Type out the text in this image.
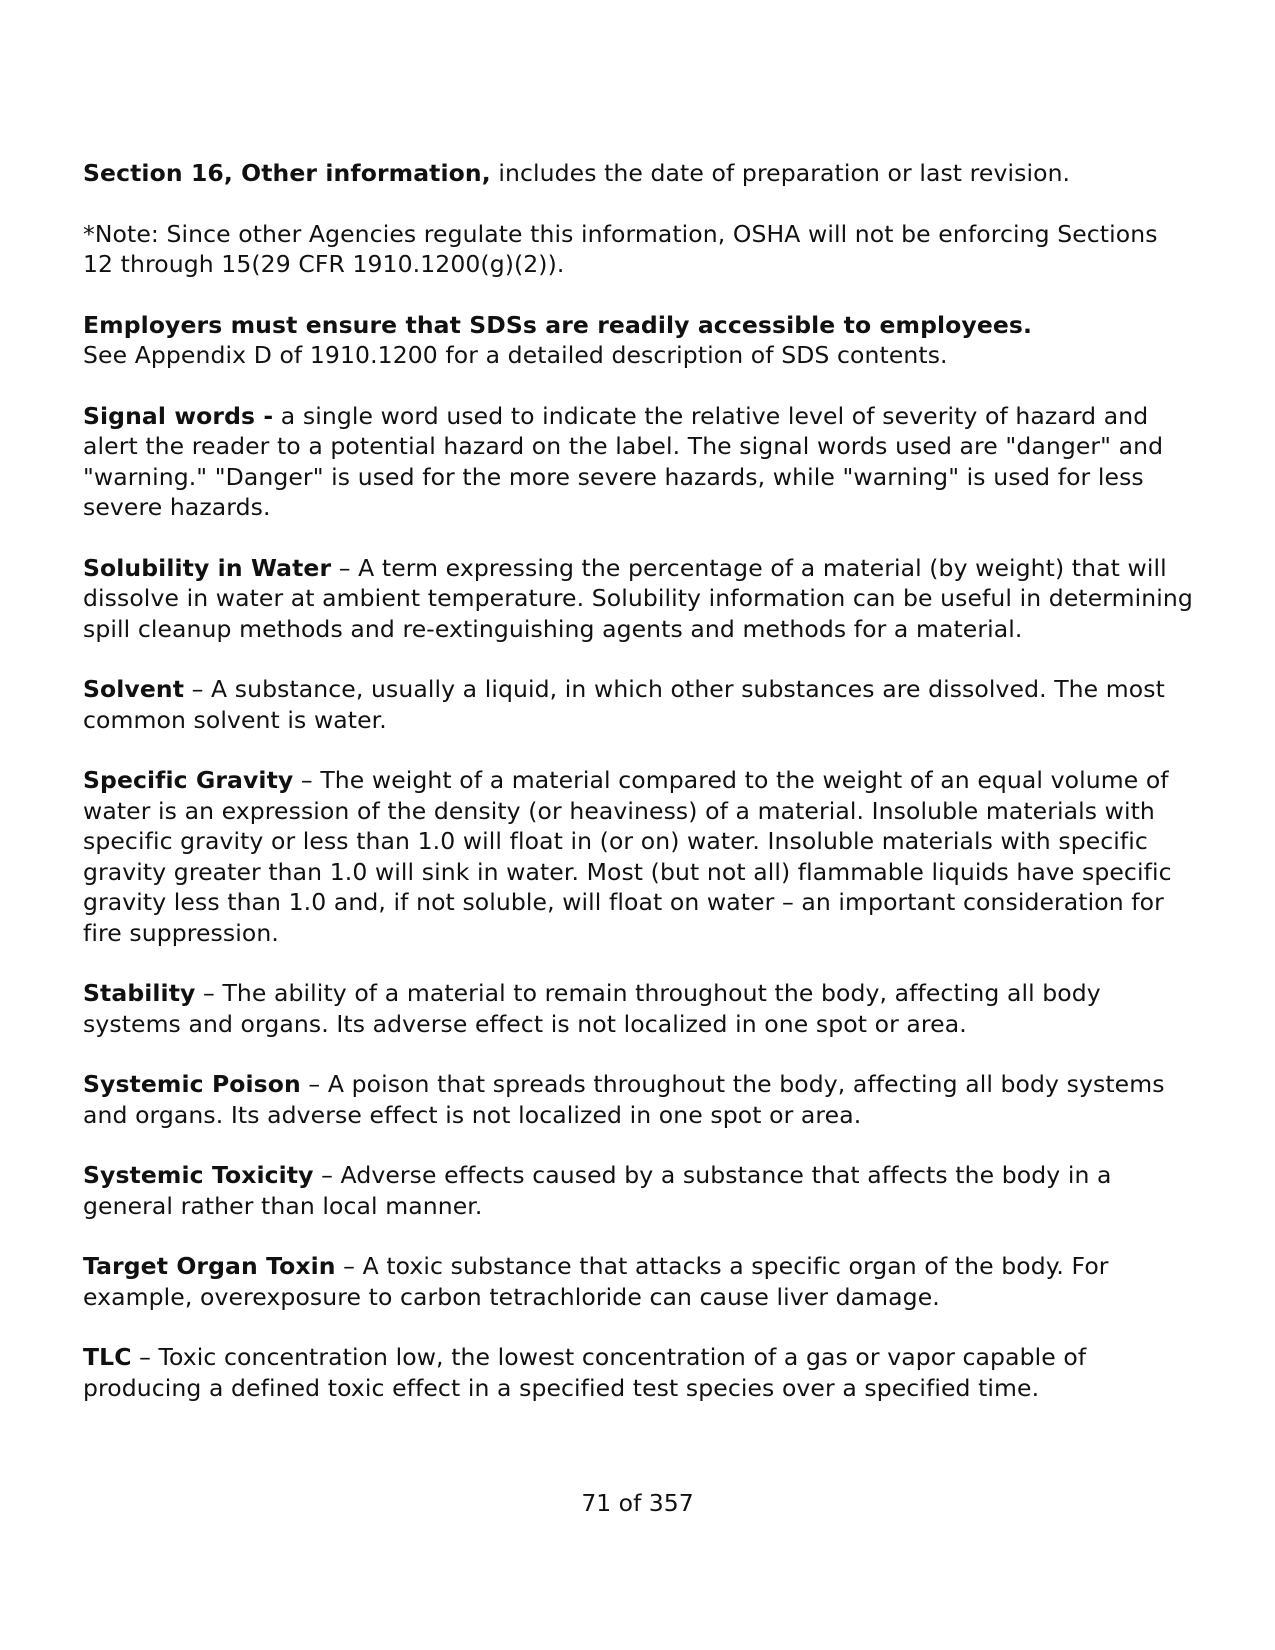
Section 16, Other information, includes the date of preparation or last revision.

*Note: Since other Agencies regulate this information, OSHA will not be enforcing Sections 12 through 15(29 CFR 1910.1200(g)(2)).

Employers must ensure that SDSs are readily accessible to employees.
See Appendix D of 1910.1200 for a detailed description of SDS contents.

Signal words - a single word used to indicate the relative level of severity of hazard and alert the reader to a potential hazard on the label. The signal words used are "danger" and "warning." "Danger" is used for the more severe hazards, while "warning" is used for less severe hazards.

Solubility in Water – A term expressing the percentage of a material (by weight) that will dissolve in water at ambient temperature. Solubility information can be useful in determining spill cleanup methods and re-extinguishing agents and methods for a material.

Solvent – A substance, usually a liquid, in which other substances are dissolved. The most common solvent is water.

Specific Gravity – The weight of a material compared to the weight of an equal volume of water is an expression of the density (or heaviness) of a material. Insoluble materials with specific gravity or less than 1.0 will float in (or on) water. Insoluble materials with specific gravity greater than 1.0 will sink in water. Most (but not all) flammable liquids have specific gravity less than 1.0 and, if not soluble, will float on water – an important consideration for fire suppression.

Stability – The ability of a material to remain throughout the body, affecting all body systems and organs. Its adverse effect is not localized in one spot or area.

Systemic Poison – A poison that spreads throughout the body, affecting all body systems and organs. Its adverse effect is not localized in one spot or area.

Systemic Toxicity – Adverse effects caused by a substance that affects the body in a general rather than local manner.

Target Organ Toxin – A toxic substance that attacks a specific organ of the body. For example, overexposure to carbon tetrachloride can cause liver damage.

TLC – Toxic concentration low, the lowest concentration of a gas or vapor capable of producing a defined toxic effect in a specified test species over a specified time.

71 of 357
